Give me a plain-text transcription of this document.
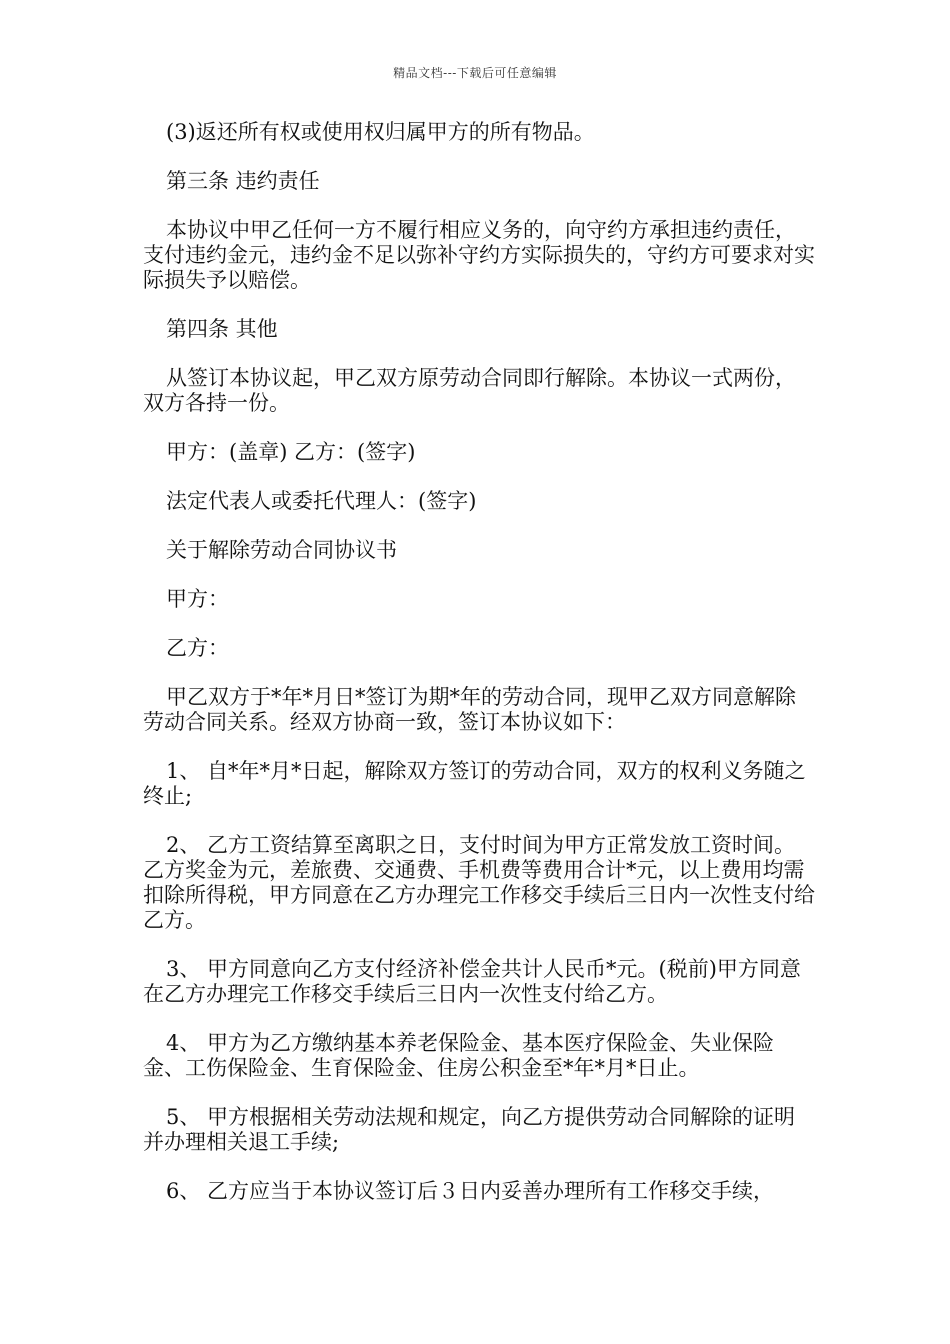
精品文档---下载后可任意编辑

(3)返还所有权或使用权归属甲方的所有物品。

第三条 违约责任

本协议中甲乙任何一方不履行相应义务的，向守约方承担违约责任，支付违约金元，违约金不足以弥补守约方实际损失的，守约方可要求对实际损失予以赔偿。

第四条 其他

从签订本协议起，甲乙双方原劳动合同即行解除。本协议一式两份，双方各持一份。

甲方：(盖章) 乙方：(签字)

法定代表人或委托代理人：(签字)

关于解除劳动合同协议书

甲方：

乙方：

甲乙双方于*年*月日*签订为期*年的劳动合同，现甲乙双方同意解除劳动合同关系。经双方协商一致，签订本协议如下：

1、 自*年*月*日起，解除双方签订的劳动合同，双方的权利义务随之终止;

2、 乙方工资结算至离职之日，支付时间为甲方正常发放工资时间。乙方奖金为元，差旅费、交通费、手机费等费用合计*元，以上费用均需扣除所得税，甲方同意在乙方办理完工作移交手续后三日内一次性支付给乙方。

3、 甲方同意向乙方支付经济补偿金共计人民币*元。(税前)甲方同意在乙方办理完工作移交手续后三日内一次性支付给乙方。

4、 甲方为乙方缴纳基本养老保险金、基本医疗保险金、失业保险金、工伤保险金、生育保险金、住房公积金至*年*月*日止。

5、 甲方根据相关劳动法规和规定，向乙方提供劳动合同解除的证明并办理相关退工手续;

6、 乙方应当于本协议签订后３日内妥善办理所有工作移交手续，
